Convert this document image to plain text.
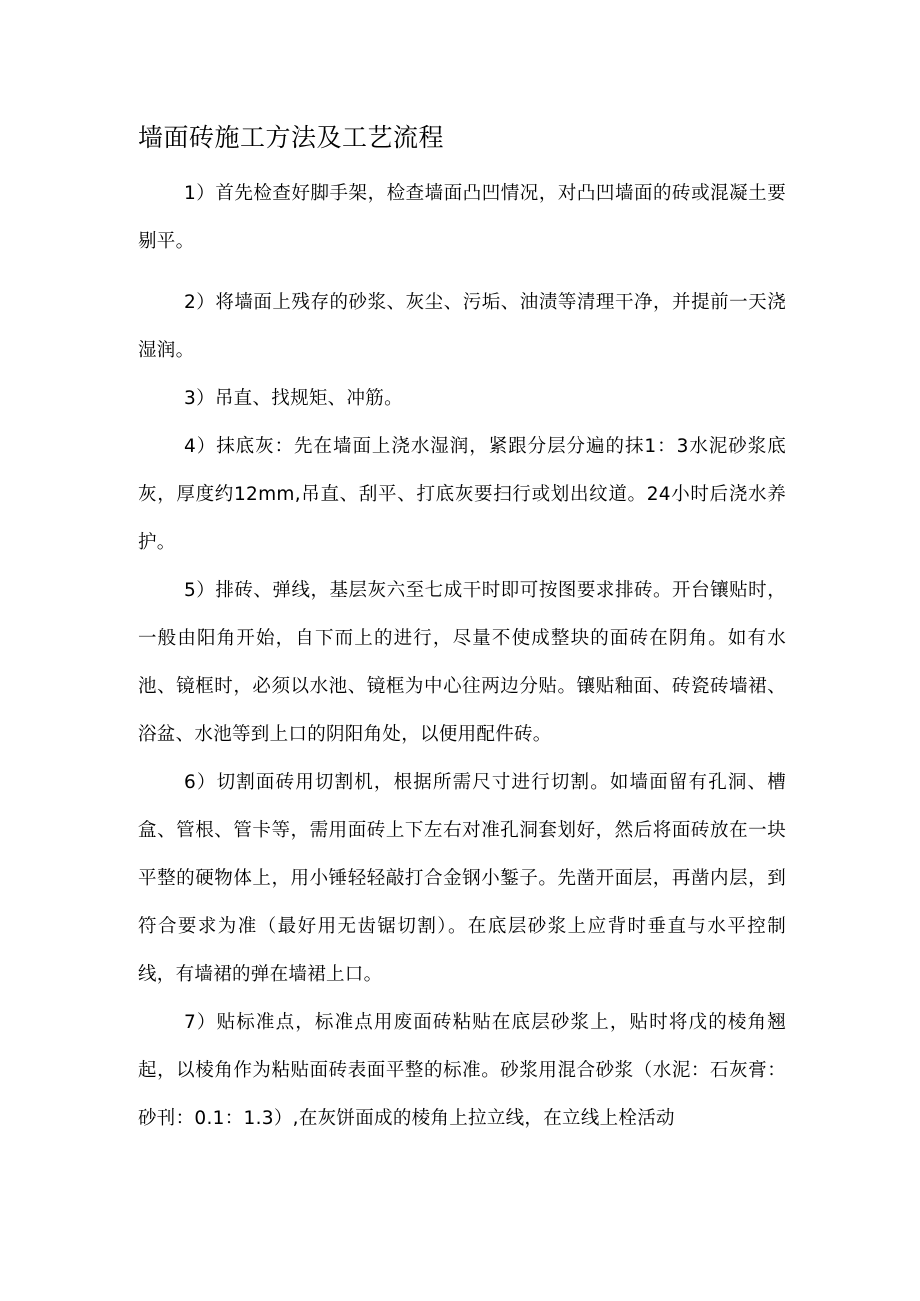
墙面砖施工方法及工艺流程

1）首先检查好脚手架，检查墙面凸凹情况，对凸凹墙面的砖或混凝土要剔平。

2）将墙面上残存的砂浆、灰尘、污垢、油渍等清理干净，并提前一天浇湿润。

3）吊直、找规矩、冲筋。

4）抹底灰：先在墙面上浇水湿润，紧跟分层分遍的抹1：3水泥砂浆底灰，厚度约12mm,吊直、刮平、打底灰要扫行或划出纹道。24小时后浇水养护。

5）排砖、弹线，基层灰六至七成干时即可按图要求排砖。开台镶贴时，一般由阳角开始，自下而上的进行，尽量不使成整块的面砖在阴角。如有水池、镜框时，必须以水池、镜框为中心往两边分贴。镶贴釉面、砖瓷砖墙裙、浴盆、水池等到上口的阴阳角处，以便用配件砖。

6）切割面砖用切割机，根据所需尺寸进行切割。如墙面留有孔洞、槽盒、管根、管卡等，需用面砖上下左右对准孔洞套划好，然后将面砖放在一块平整的硬物体上，用小锤轻轻敲打合金钢小錾子。先凿开面层，再凿内层，到符合要求为准（最好用无齿锯切割）。在底层砂浆上应背时垂直与水平控制线，有墙裙的弹在墙裙上口。

7）贴标准点，标准点用废面砖粘贴在底层砂浆上，贴时将戊的棱角翘起，以棱角作为粘贴面砖表面平整的标准。砂浆用混合砂浆（水泥：石灰膏：砂刊：0.1：1.3）,在灰饼面成的棱角上拉立线，在立线上栓活动
